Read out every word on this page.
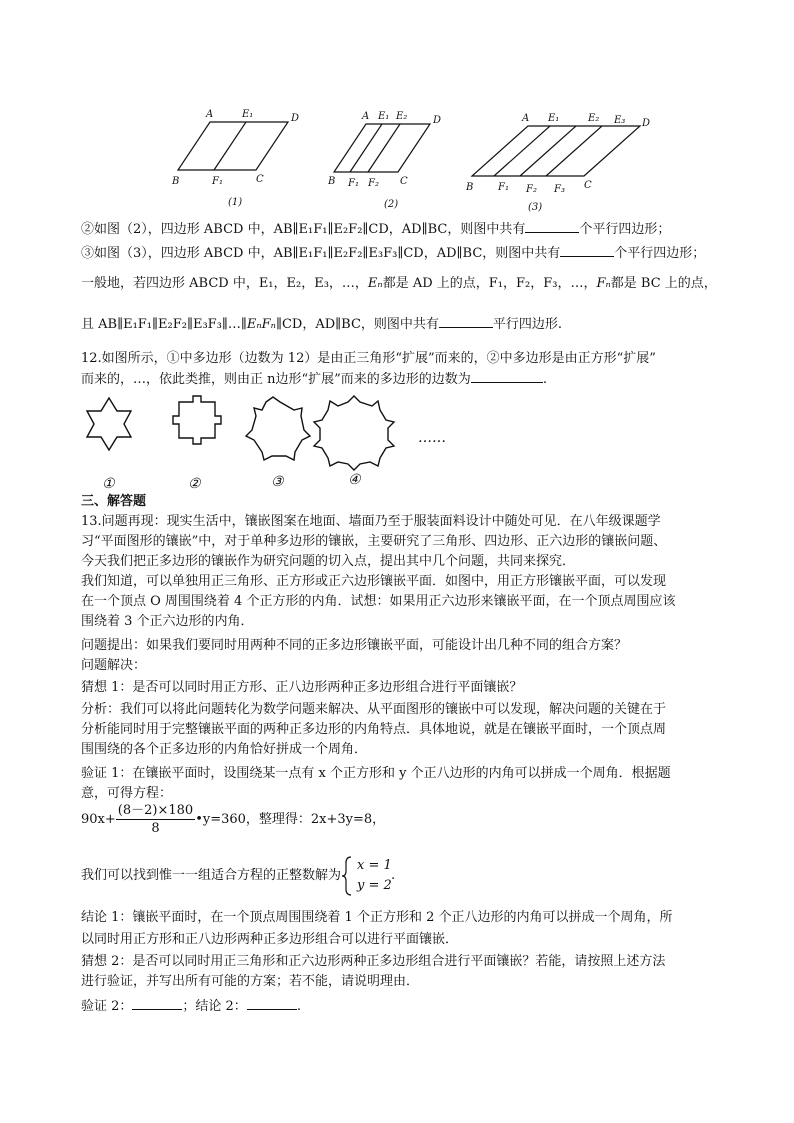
A	E₁	D
B	F₁	C
(1)
A E₁ E₂	D
B F₁ F₂ C
(2)
A E₁	E₂ E₃ D
B F₁ F₂ F₃ C
(3)
②如图（2），四边形 ABCD 中，AB∥E₁F₁∥E₂F₂∥CD，AD∥BC，则图中共有	个平行四边形；
③如图（3），四边形 ABCD 中，AB∥E₁F₁∥E₂F₂∥E₃F₃∥CD，AD∥BC，则图中共有	个平行四边形；
一般地，若四边形 ABCD 中，E₁，E₂，E₃，…，Eₙ都是 AD 上的点，F₁，F₂，F₃，…，Fₙ都是 BC 上的点，
且 AB∥E₁F₁∥E₂F₂∥E₃F₃∥…∥EₙFₙ∥CD，AD∥BC，则图中共有	平行四边形.
12.如图所示，①中多边形（边数为 12）是由正三角形“扩展”而来的，②中多边形是由正方形“扩展”
而来的，…，依此类推，则由正 n边形“扩展”而来的多边形的边数为	.
①	②	③	④
……
三、解答题
13.问题再现：现实生活中，镶嵌图案在地面、墙面乃至于服装面料设计中随处可见．在八年级课题学
习“平面图形的镶嵌”中，对于单种多边形的镶嵌，主要研究了三角形、四边形、正六边形的镶嵌问题、
今天我们把正多边形的镶嵌作为研究问题的切入点，提出其中几个问题，共同来探究．
我们知道，可以单独用正三角形、正方形或正六边形镶嵌平面．如图中，用正方形镶嵌平面，可以发现
在一个顶点 O 周围围绕着 4 个正方形的内角．试想：如果用正六边形来镶嵌平面，在一个顶点周围应该
围绕着 3 个正六边形的内角．
问题提出：如果我们要同时用两种不同的正多边形镶嵌平面，可能设计出几种不同的组合方案？
问题解决：
猜想 1：是否可以同时用正方形、正八边形两种正多边形组合进行平面镶嵌？
分析：我们可以将此问题转化为数学问题来解决、从平面图形的镶嵌中可以发现，解决问题的关键在于
分析能同时用于完整镶嵌平面的两种正多边形的内角特点．具体地说，就是在镶嵌平面时，一个顶点周
围围绕的各个正多边形的内角恰好拼成一个周角．
验证 1：在镶嵌平面时，设围绕某一点有 x 个正方形和 y 个正八边形的内角可以拼成一个周角．根据题
意，可得方程：
$90x+ \frac{(8-2)\times 180}{8}$ •y=360，整理得：2x+3y=8，
我们可以找到惟一一组适合方程的正整数解为
x = 1
y = 2
.
结论 1：镶嵌平面时，在一个顶点周围围绕着 1 个正方形和 2 个正八边形的内角可以拼成一个周角，所
以同时用正方形和正八边形两种正多边形组合可以进行平面镶嵌．
猜想 2：是否可以同时用正三角形和正六边形两种正多边形组合进行平面镶嵌？若能，请按照上述方法
进行验证，并写出所有可能的方案；若不能，请说明理由．
验证 2：	；结论 2：	.
